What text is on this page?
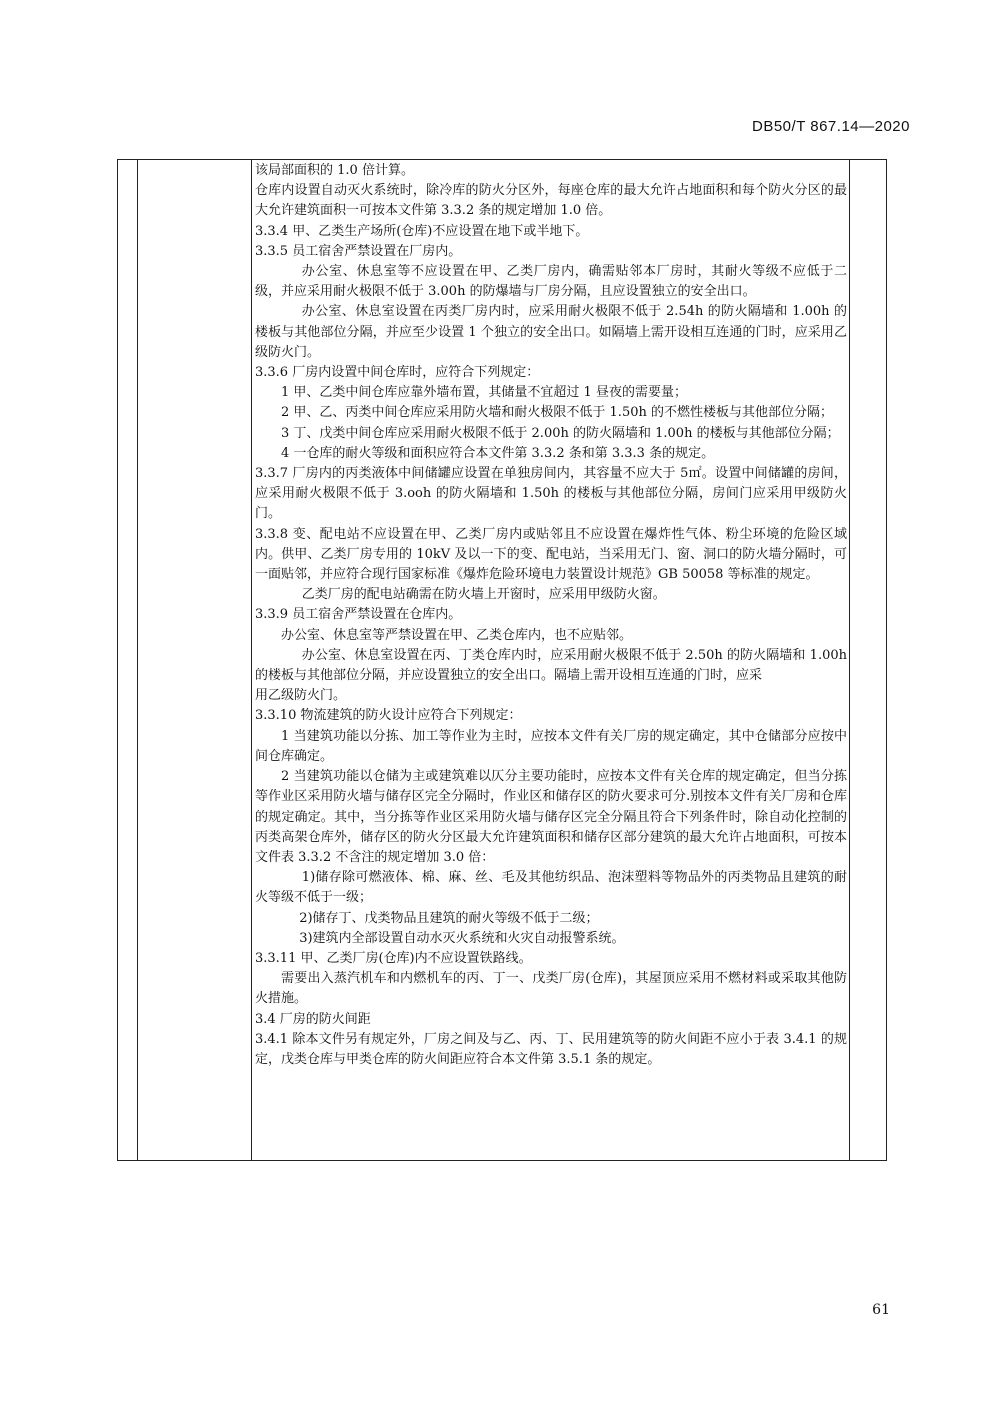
DB50/T 867.14—2020

该局部面积的 1.0 倍计算。

仓库内设置自动灭火系统时，除冷库的防火分区外，每座仓库的最大允许占地面积和每个防火分区的最大允许建筑面积一可按本文件第 3.3.2 条的规定增加 1.0 倍。

3.3.4 甲、乙类生产场所(仓库)不应设置在地下或半地下。

3.3.5 员工宿舍严禁设置在厂房内。

办公室、休息室等不应设置在甲、乙类厂房内，确需贴邻本厂房时，其耐火等级不应低于二级，并应采用耐火极限不低于 3.00h 的防爆墙与厂房分隔，且应设置独立的安全出口。

办公室、休息室设置在丙类厂房内时，应采用耐火极限不低于 2.54h 的防火隔墙和 1.00h 的楼板与其他部位分隔，并应至少设置 1 个独立的安全出口。如隔墙上需开设相互连通的门时，应采用乙级防火门。

3.3.6 厂房内设置中间仓库时，应符合下列规定：

1 甲、乙类中间仓库应靠外墙布置，其储量不宜超过 1 昼夜的需要量；

2 甲、乙、丙类中间仓库应采用防火墙和耐火极限不低于 1.50h 的不燃性楼板与其他部位分隔；

3 丁、戊类中间仓库应采用耐火极限不低于 2.00h 的防火隔墙和 1.00h 的楼板与其他部位分隔；

4 一仓库的耐火等级和面积应符合本文件第 3.3.2 条和第 3.3.3 条的规定。

3.3.7 厂房内的丙类液体中间储罐应设置在单独房间内，其容量不应大于 5㎡。设置中间储罐的房间，应采用耐火极限不低于 3.ooh 的防火隔墙和 1.50h 的楼板与其他部位分隔，房间门应采用甲级防火门。

3.3.8 变、配电站不应设置在甲、乙类厂房内或贴邻且不应设置在爆炸性气体、粉尘环境的危险区域内。供甲、乙类厂房专用的 10kV 及以一下的变、配电站，当采用无门、窗、洞口的防火墙分隔时，可一面贴邻，并应符合现行国家标准《爆炸危险环境电力装置设计规范》GB 50058 等标准的规定。

乙类厂房的配电站确需在防火墙上开窗时，应采用甲级防火窗。

3.3.9 员工宿舍严禁设置在仓库内。

办公室、休息室等严禁设置在甲、乙类仓库内，也不应贴邻。

办公室、休息室设置在丙、丁类仓库内时，应采用耐火极限不低于 2.50h 的防火隔墙和 1.00h 的楼板与其他部位分隔，并应设置独立的安全出口。隔墙上需开设相互连通的门时，应采

用乙级防火门。

3.3.10 物流建筑的防火设计应符合下列规定：

1 当建筑功能以分拣、加工等作业为主时，应按本文件有关厂房的规定确定，其中仓储部分应按中间仓库确定。

2 当建筑功能以仓储为主或建筑难以仄分主要功能时，应按本文件有关仓库的规定确定，但当分拣等作业区采用防火墙与储存区完全分隔时，作业区和储存区的防火要求可分.别按本文件有关厂房和仓库的规定确定。其中，当分拣等作业区采用防火墙与储存区完全分隔且符合下列条件时，除自动化控制的丙类高架仓库外，储存区的防火分区最大允许建筑面积和储存区部分建筑的最大允许占地面积，可按本文件表 3.3.2 不含注的规定增加 3.0 倍：

1)储存除可燃液体、棉、麻、丝、毛及其他纺织品、泡沫塑料等物品外的丙类物品且建筑的耐火等级不低于一级；

2)储存丁、戊类物品且建筑的耐火等级不低于二级；

3)建筑内全部设置自动水灭火系统和火灾自动报警系统。

3.3.11 甲、乙类厂房(仓库)内不应设置铁路线。

需要出入蒸汽机车和内燃机车的丙、丁一、戊类厂房(仓库)，其屋顶应采用不燃材料或采取其他防火措施。

3.4 厂房的防火间距

3.4.1 除本文件另有规定外，厂房之间及与乙、丙、丁、民用建筑等的防火间距不应小于表 3.4.1 的规定，戊类仓库与甲类仓库的防火间距应符合本文件第 3.5.1 条的规定。

61
